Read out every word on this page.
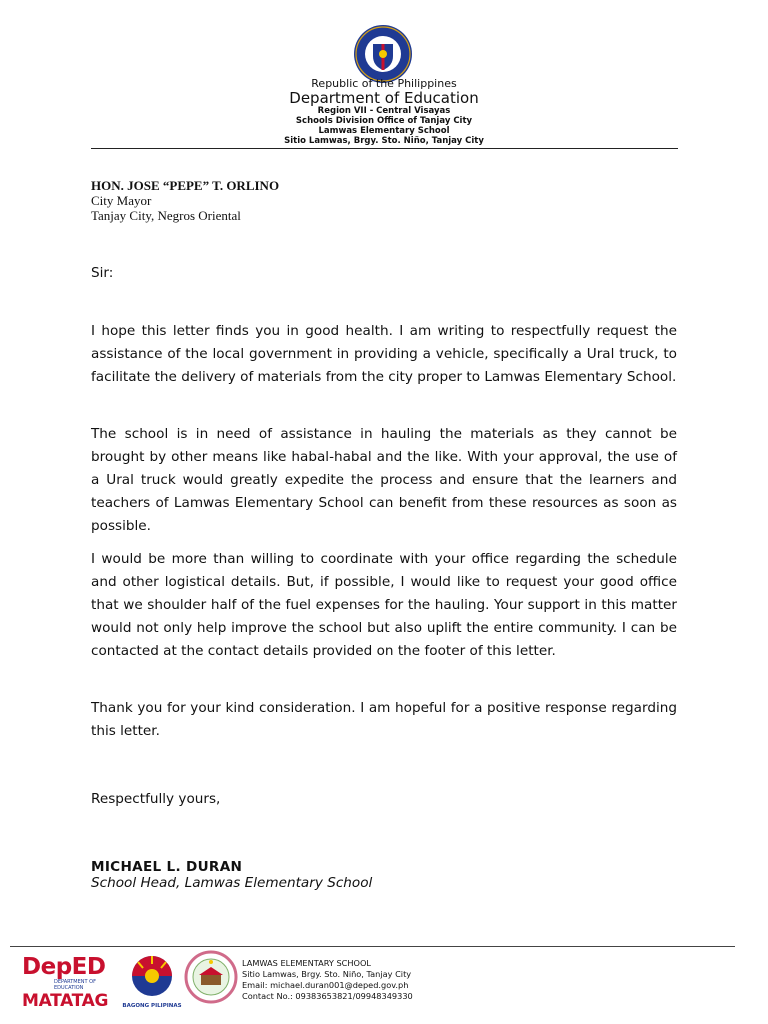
Republic of the Philippines
Department of Education
Region VII - Central Visayas
Schools Division Office of Tanjay City
Lamwas Elementary School
Sitio Lamwas, Brgy. Sto. Niño, Tanjay City
HON. JOSE “PEPE” T. ORLINO
City Mayor
Tanjay City, Negros Oriental
Sir:
I hope this letter finds you in good health. I am writing to respectfully request the assistance of the local government in providing a vehicle, specifically a Ural truck, to facilitate the delivery of materials from the city proper to Lamwas Elementary School.
The school is in need of assistance in hauling the materials as they cannot be brought by other means like habal-habal and the like. With your approval, the use of a Ural truck would greatly expedite the process and ensure that the learners and teachers of Lamwas Elementary School can benefit from these resources as soon as possible.
I would be more than willing to coordinate with your office regarding the schedule and other logistical details. But, if possible, I would like to request your good office that we shoulder half of the fuel expenses for the hauling. Your support in this matter would not only help improve the school but also uplift the entire community. I can be contacted at the contact details provided on the footer of this letter.
Thank you for your kind consideration. I am hopeful for a positive response regarding this letter.
Respectfully yours,
MICHAEL L. DURAN
School Head, Lamwas Elementary School
DepED
DEPARTMENT OF EDUCATION
MATATAG	BAGONG PILIPINAS
LAMWAS ELEMENTARY SCHOOL
Sitio Lamwas, Brgy. Sto. Niño, Tanjay City
Email: michael.duran001@deped.gov.ph
Contact No.: 09383653821/09948349330
